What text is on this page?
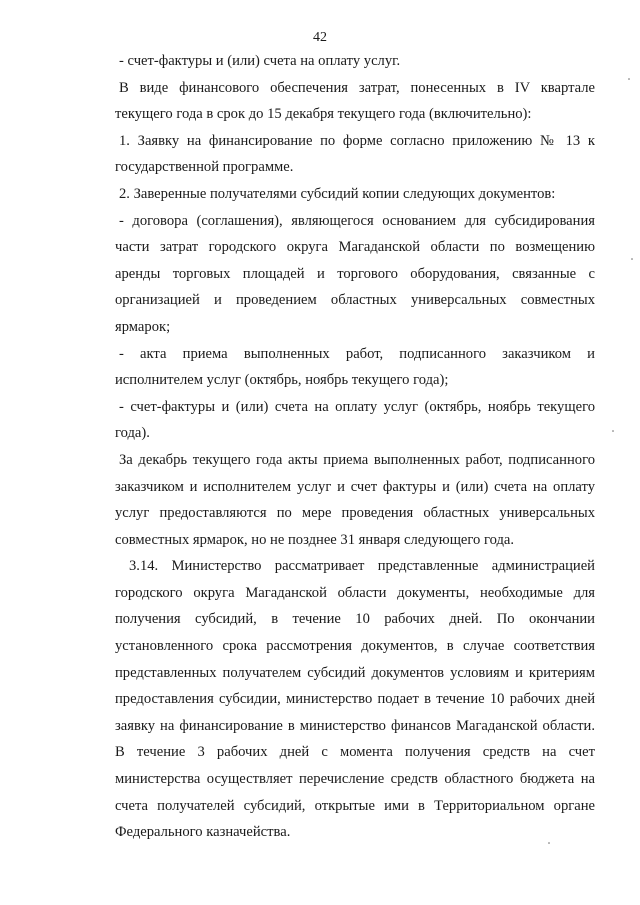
42

- счет-фактуры и (или) счета на оплату услуг.

В виде финансового обеспечения затрат, понесенных в IV квартале текущего года в срок до 15 декабря текущего года (включительно):

1. Заявку на финансирование по форме согласно приложению № 13 к государственной программе.

2. Заверенные получателями субсидий копии следующих документов:

- договора (соглашения), являющегося основанием для субсидирования части затрат городского округа Магаданской области по возмещению аренды торговых площадей и торгового оборудования, связанные с организацией и проведением областных универсальных совместных ярмарок;

- акта приема выполненных работ, подписанного заказчиком и исполнителем услуг (октябрь, ноябрь текущего года);

- счет-фактуры и (или) счета на оплату услуг (октябрь, ноябрь текущего года).

За декабрь текущего года акты приема выполненных работ, подписанного заказчиком и исполнителем услуг и счет фактуры и (или) счета на оплату услуг предоставляются по мере проведения областных универсальных совместных ярмарок, но не позднее 31 января следующего года.

3.14. Министерство рассматривает представленные администрацией городского округа Магаданской области документы, необходимые для получения субсидий, в течение 10 рабочих дней. По окончании установленного срока рассмотрения документов, в случае соответствия представленных получателем субсидий документов условиям и критериям предоставления субсидии, министерство подает в течение 10 рабочих дней заявку на финансирование в министерство финансов Магаданской области. В течение 3 рабочих дней с момента получения средств на счет министерства осуществляет перечисление средств областного бюджета на счета получателей субсидий, открытые ими в Территориальном органе Федерального казначейства.
